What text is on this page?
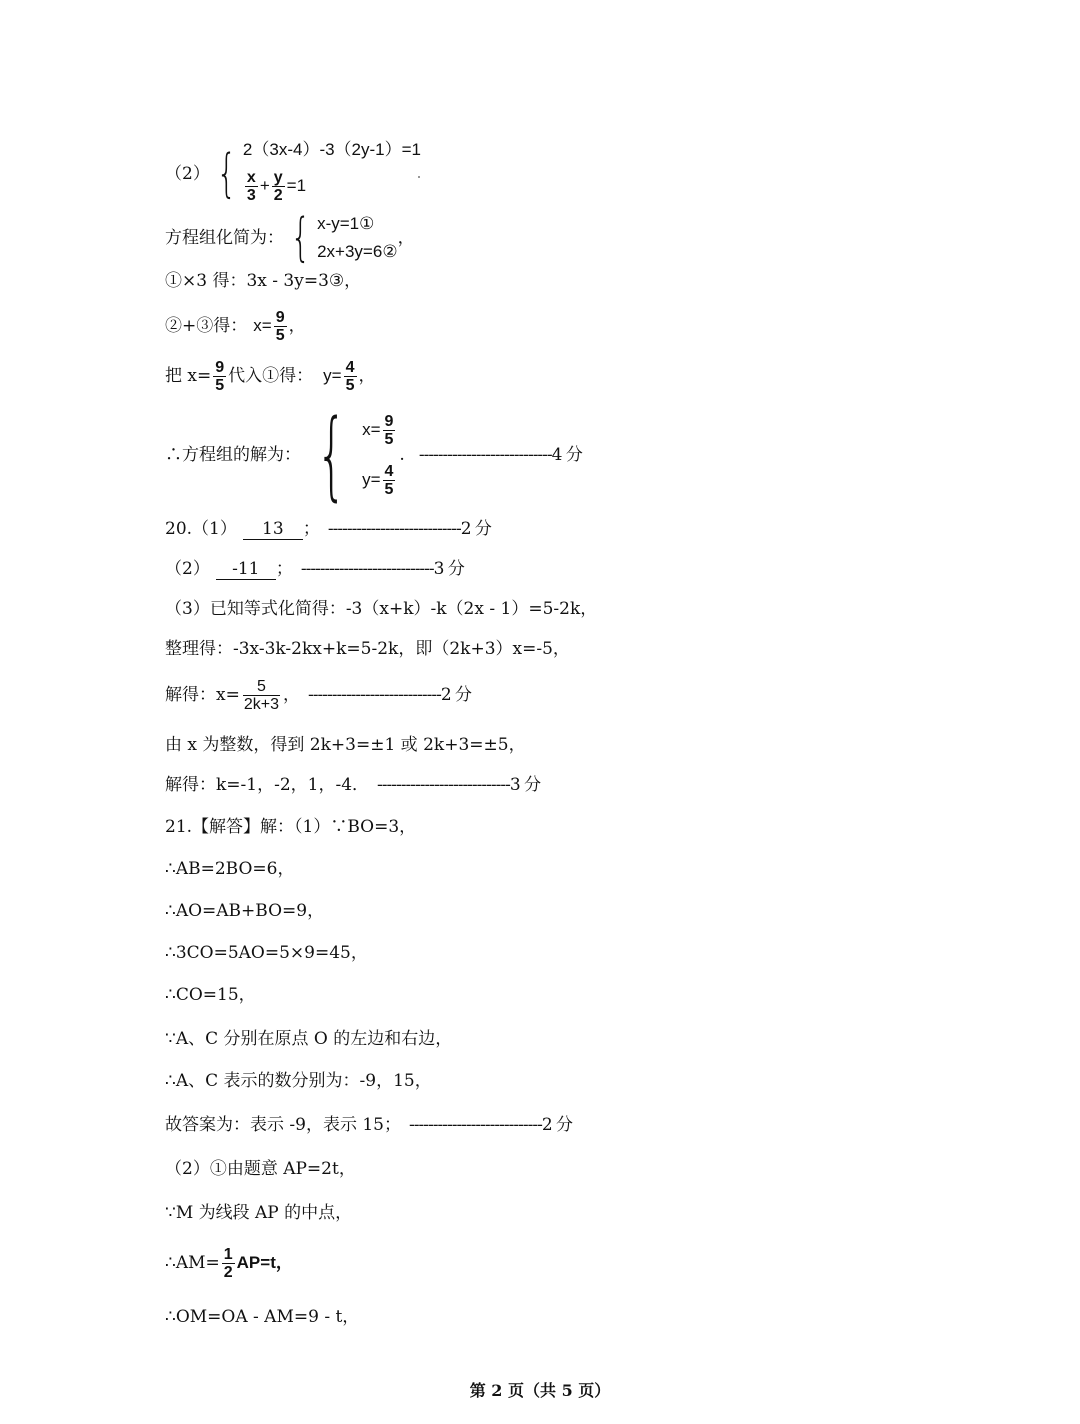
（2） { 2（3x-4）-3（2y-1）=1
$\frac{x}{3} + \frac{y}{2} =1$
方程组化简为： { x-y=1①
2x+3y=6②
，
①×3 得：3x - 3y=3③，
②+③得： $x= \frac{9}{5}$ ，
把 $x= \frac{9}{5}$ 代入①得： $y= \frac{4}{5}$ ，
∴方程组的解为： { $x= \frac{9}{5}$
$y= \frac{4}{5}$
. ----------------------------4 分
20.（1）	13	； ----------------------------2 分
（2）	-11 ； ----------------------------3 分
（3）已知等式化简得：-3（x+k）-k（2x - 1）=5-2k，
整理得：-3x-3k-2kx+k=5-2k，即（2k+3）x=-5，
解得：$x= \frac{5}{2k+3}$ ， ----------------------------2 分
由 x 为整数，得到 2k+3=±1 或 2k+3=±5，
解得：k=-1，-2，1，-4． ----------------------------3 分
21.【解答】解：（1）∵BO=3，
∴AB=2BO=6，
∴AO=AB+BO=9，
∴3CO=5AO=5×9=45，
∴CO=15，
∵A、C 分别在原点 O 的左边和右边，
∴A、C 表示的数分别为：-9，15，
故答案为：表示 -9，表示 15； ----------------------------2 分
（2）①由题意 AP=2t，
∵M 为线段 AP 的中点，
∴AM= $\frac{1}{2} AP=t$，
∴OM=OA - AM=9 - t，
第 2 页（共 5 页）
